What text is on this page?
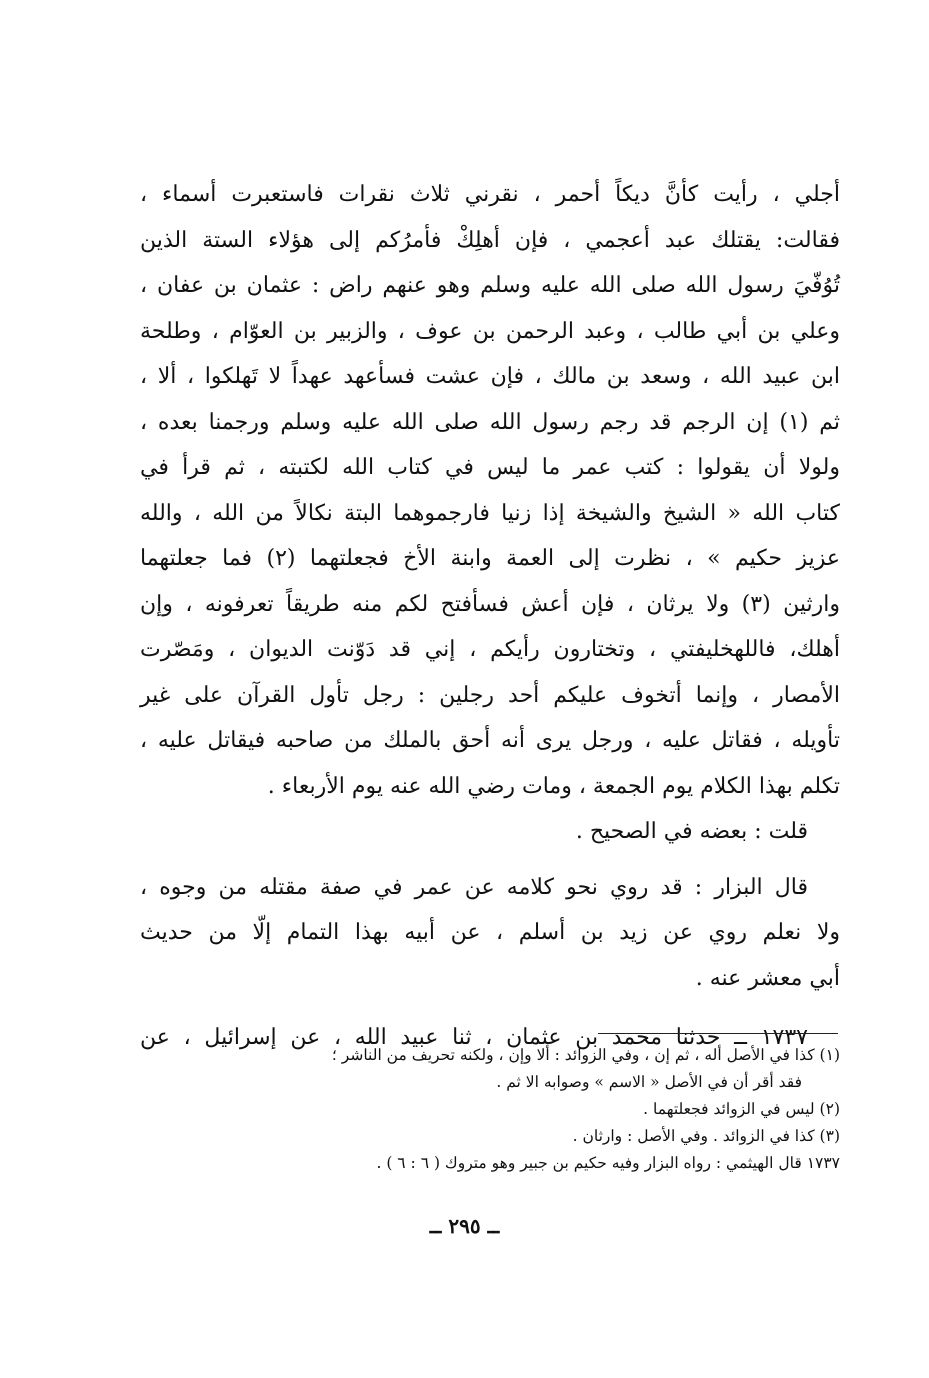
أجلي ، رأيت كأنَّ ديكاً أحمر ، نقرني ثلاث نقرات فاستعبرت أسماء ،
فقالت: يقتلك عبد أعجمي ، فإن أهلِكْ فأمرُكم إلى هؤلاء الستة الذين
تُوُفّيَ رسول الله صلى الله عليه وسلم وهو عنهم راض : عثمان بن عفان ،
وعلي بن أبي طالب ، وعبد الرحمن بن عوف ، والزبير بن العوّام ، وطلحة
ابن عبيد الله ، وسعد بن مالك ، فإن عشت فسأعهد عهداً لا تَهلكوا ، ألا ،
ثم (١) إن الرجم قد رجم رسول الله صلى الله عليه وسلم ورجمنا بعده ،
ولولا أن يقولوا : كتب عمر ما ليس في كتاب الله لكتبته ، ثم قرأ في
كتاب الله « الشيخ والشيخة إذا زنيا فارجموهما البتة نكالاً من الله ، والله
عزيز حكيم » ، نظرت إلى العمة وابنة الأخ فجعلتهما (٢) فما جعلتهما
وارثين (٣) ولا يرثان ، فإن أعش فسأفتح لكم منه طريقاً تعرفونه ، وإن
أهلك، فاللهخليفتي ، وتختارون رأيكم ، إني قد دَوّنت الديوان ، ومَصّرت
الأمصار ، وإنما أتخوف عليكم أحد رجلين : رجل تأول القرآن على غير
تأويله ، فقاتل عليه ، ورجل يرى أنه أحق بالملك من صاحبه فيقاتل عليه ،
تكلم بهذا الكلام يوم الجمعة ، ومات رضي الله عنه يوم الأربعاء .

قلت : بعضه في الصحيح .

قال البزار : قد روي نحو كلامه عن عمر في صفة مقتله من وجوه ،
ولا نعلم روي عن زيد بن أسلم ، عن أبيه بهذا التمام إلّا من حديث
أبي معشر عنه .

١٧٣٧ ــ حدثنا محمد بن عثمان ، ثنا عبيد الله ، عن إسرائيل ، عن

(١) كذا في الأصل أله ، ثم إن ، وفي الزوائد : ألا وإن ، ولكنه تحريف من الناشر ؛
فقد أقر أن في الأصل « الاسم » وصوابه الا ثم .
(٢) ليس في الزوائد فجعلتهما .
(٣) كذا في الزوائد . وفي الأصل : وارثان .
١٧٣٧ قال الهيثمي : رواه البزار وفيه حكيم بن جبير وهو متروك ( ٦ : ٦ ) .
ــ ٢٩٥ ــ
